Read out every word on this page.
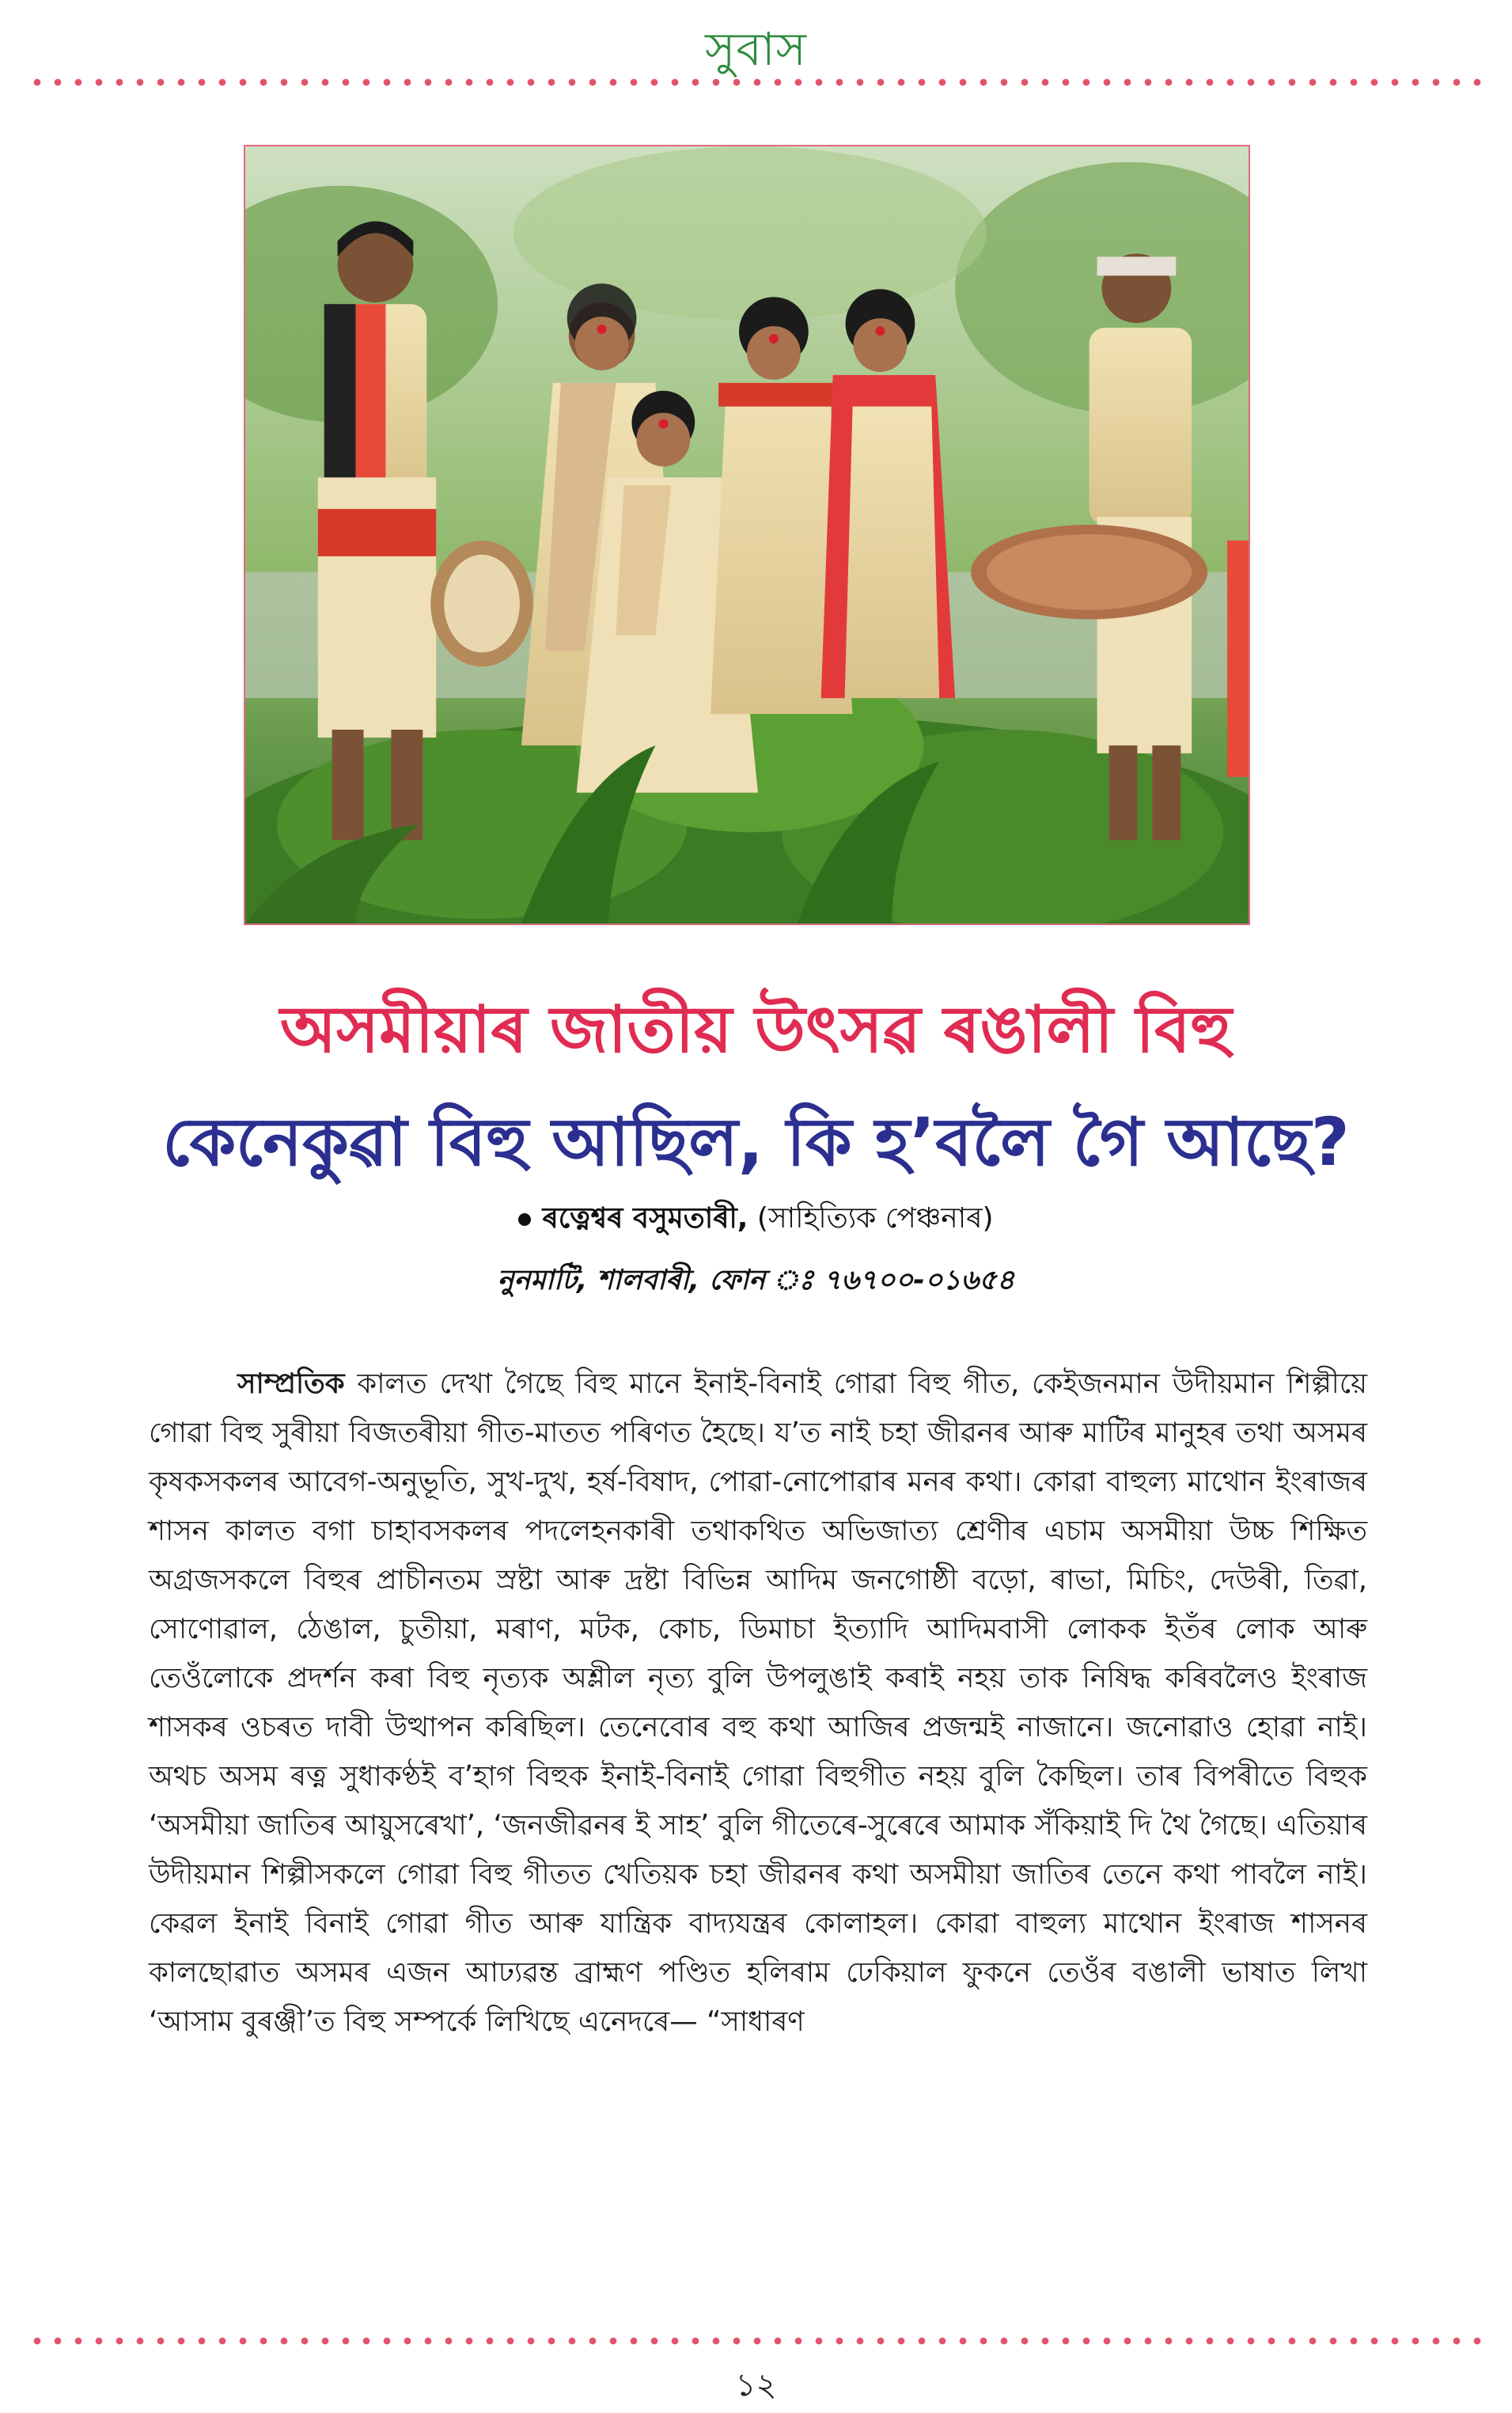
সুবাস
অসমীয়াৰ জাতীয় উৎসৱ ৰঙালী বিহু
কেনেকুৱা বিহু আছিল, কি হ’বলৈ গৈ আছে?
ৰত্নেশ্বৰ বসুমতাৰী, (সাহিত্যিক পেঞ্চনাৰ)
নুনমাটি, শালবাৰী, ফোন ঃ ৭৬৭০০-০১৬৫৪

সাম্প্ৰতিক কালত দেখা গৈছে বিহু মানে ইনাই-বিনাই গোৱা বিহু গীত, কেইজনমান উদীয়মান শিল্পীয়ে গোৱা বিহু সুৰীয়া বিজতৰীয়া গীত-মাতত পৰিণত হৈছে। য’ত নাই চহা জীৱনৰ আৰু মাটিৰ মানুহৰ তথা অসমৰ কৃষকসকলৰ আবেগ-অনুভূতি, সুখ-দুখ, হৰ্ষ-বিষাদ, পোৱা-নোপোৱাৰ মনৰ কথা। কোৱা বাহুল্য মাথোন ইংৰাজৰ শাসন কালত বগা চাহাবসকলৰ পদলেহনকাৰী তথাকথিত অভিজাত্য শ্ৰেণীৰ এচাম অসমীয়া উচ্চ শিক্ষিত অগ্ৰজসকলে বিহুৰ প্ৰাচীনতম স্ৰষ্টা আৰু দ্ৰষ্টা বিভিন্ন আদিম জনগোষ্ঠী বড়ো, ৰাভা, মিচিং, দেউৰী, তিৱা, সোণোৱাল, ঠেঙাল, চুতীয়া, মৰাণ, মটক, কোচ, ডিমাচা ইত্যাদি আদিমবাসী লোকক ইতঁৰ লোক আৰু তেওঁলোকে প্ৰদৰ্শন কৰা বিহু নৃত্যক অশ্লীল নৃত্য বুলি উপলুঙাই কৰাই নহয় তাক নিষিদ্ধ কৰিবলৈও ইংৰাজ শাসকৰ ওচৰত দাবী উত্থাপন কৰিছিল। তেনেবোৰ বহু কথা আজিৰ প্ৰজন্মই নাজানে। জনোৱাও হোৱা নাই। অথচ অসম ৰত্ন সুধাকণ্ঠই ব’হাগ বিহুক ইনাই-বিনাই গোৱা বিহুগীত নহয় বুলি কৈছিল। তাৰ বিপৰীতে বিহুক ‘অসমীয়া জাতিৰ আয়ুসৰেখা’, ‘জনজীৱনৰ ই সাহ’ বুলি গীতেৰে-সুৰেৰে আমাক সঁকিয়াই দি থৈ গৈছে। এতিয়াৰ উদীয়মান শিল্পীসকলে গোৱা বিহু গীতত খেতিয়ক চহা জীৱনৰ কথা অসমীয়া জাতিৰ তেনে কথা পাবলৈ নাই। কেৱল ইনাই বিনাই গোৱা গীত আৰু যান্ত্ৰিক বাদ্যযন্ত্ৰৰ কোলাহল। কোৱা বাহুল্য মাথোন ইংৰাজ শাসনৰ কালছোৱাত অসমৰ এজন আঢ্যৱন্ত ব্ৰাহ্মণ পণ্ডিত হলিৰাম ঢেকিয়াল ফুকনে তেওঁৰ বঙালী ভাষাত লিখা ‘আসাম বুৰঞ্জী’ত বিহু সম্পৰ্কে লিখিছে এনেদৰে— “সাধাৰণ

১২
